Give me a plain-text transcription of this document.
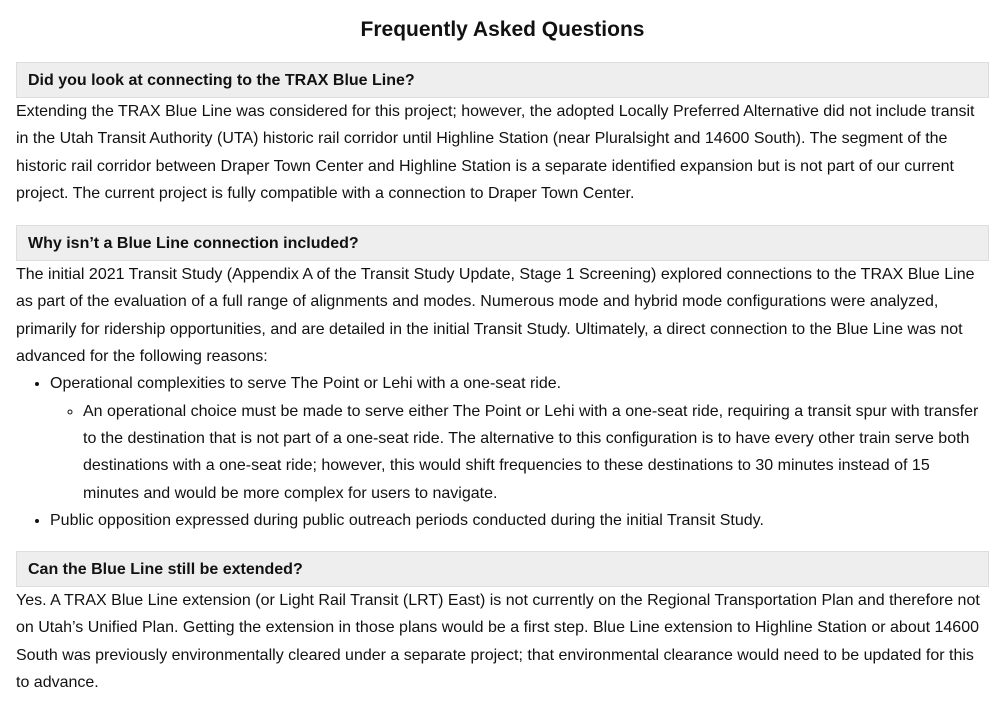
Frequently Asked Questions
Did you look at connecting to the TRAX Blue Line?

Extending the TRAX Blue Line was considered for this project; however, the adopted Locally Preferred Alternative did not include transit in the Utah Transit Authority (UTA) historic rail corridor until Highline Station (near Pluralsight and 14600 South). The segment of the historic rail corridor between Draper Town Center and Highline Station is a separate identified expansion but is not part of our current project. The current project is fully compatible with a connection to Draper Town Center.

Why isn’t a Blue Line connection included?

The initial 2021 Transit Study (Appendix A of the Transit Study Update, Stage 1 Screening) explored connections to the TRAX Blue Line as part of the evaluation of a full range of alignments and modes. Numerous mode and hybrid mode configurations were analyzed, primarily for ridership opportunities, and are detailed in the initial Transit Study. Ultimately, a direct connection to the Blue Line was not advanced for the following reasons:

• Operational complexities to serve The Point or Lehi with a one-seat ride.
◦ An operational choice must be made to serve either The Point or Lehi with a one-seat ride, requiring a transit spur with transfer to the destination that is not part of a one-seat ride. The alternative to this configuration is to have every other train serve both destinations with a one-seat ride; however, this would shift frequencies to these destinations to 30 minutes instead of 15 minutes and would be more complex for users to navigate.
• Public opposition expressed during public outreach periods conducted during the initial Transit Study.
Can the Blue Line still be extended?

Yes. A TRAX Blue Line extension (or Light Rail Transit (LRT) East) is not currently on the Regional Transportation Plan and therefore not on Utah’s Unified Plan. Getting the extension in those plans would be a first step. Blue Line extension to Highline Station or about 14600 South was previously environmentally cleared under a separate project; that environmental clearance would need to be updated for this to advance.
